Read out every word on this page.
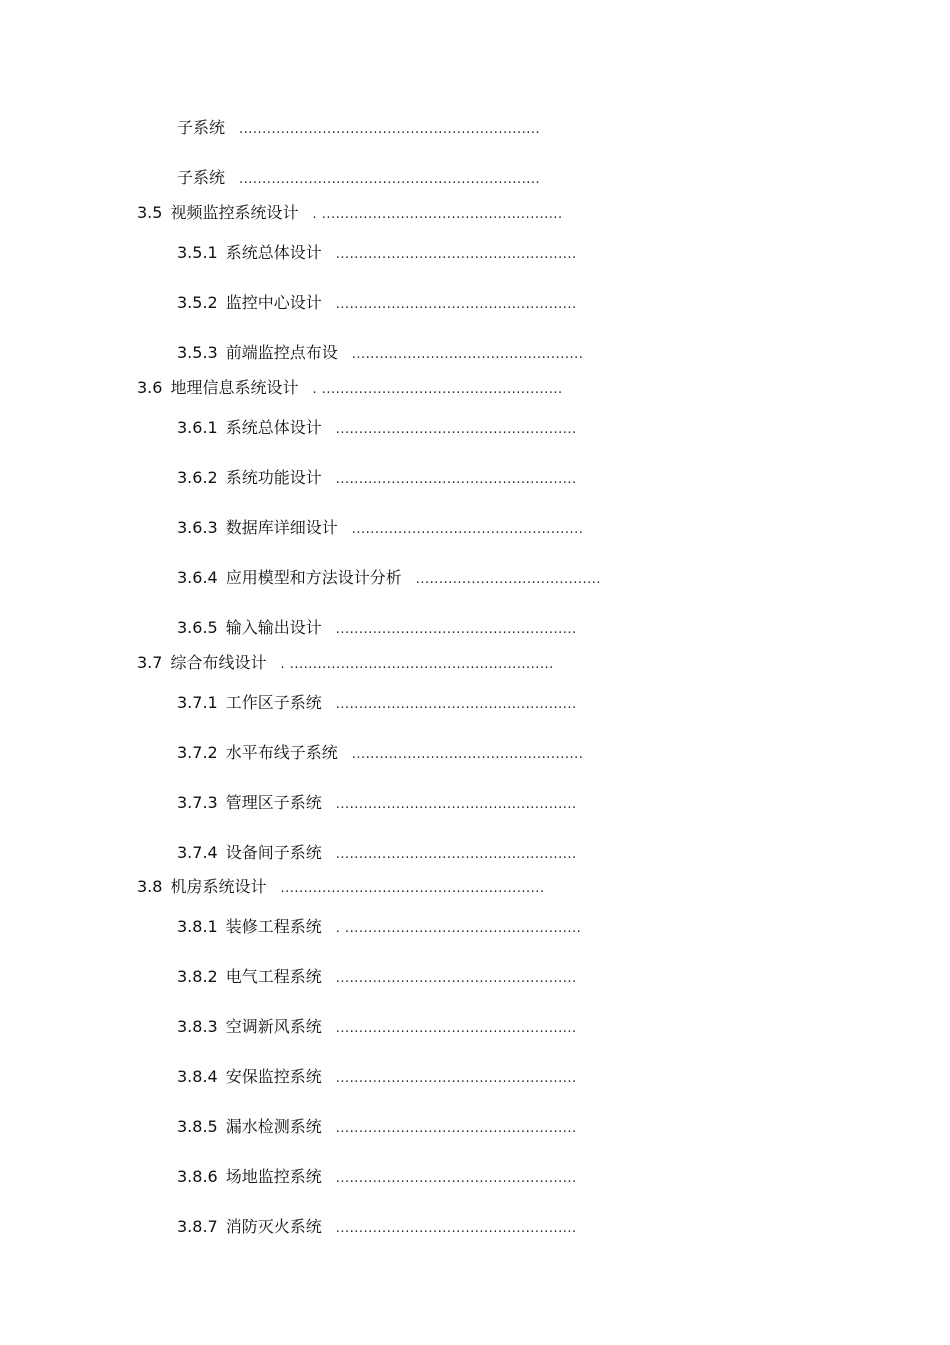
子系统 .................................................................
子系统 .................................................................
3.5 视频监控系统设计 . ....................................................
3.5.1 系统总体设计 ....................................................
3.5.2 监控中心设计 ....................................................
3.5.3 前端监控点布设 ..................................................
3.6 地理信息系统设计 . ....................................................
3.6.1 系统总体设计 ....................................................
3.6.2 系统功能设计 ....................................................
3.6.3 数据库详细设计 ..................................................
3.6.4 应用模型和方法设计分析 ........................................
3.6.5 输入输出设计 ....................................................
3.7 综合布线设计 . .........................................................
3.7.1 工作区子系统 ....................................................
3.7.2 水平布线子系统 ..................................................
3.7.3 管理区子系统 ....................................................
3.7.4 设备间子系统 ....................................................
3.8 机房系统设计 .........................................................
3.8.1 装修工程系统 . ...................................................
3.8.2 电气工程系统 ....................................................
3.8.3 空调新风系统 ....................................................
3.8.4 安保监控系统 ....................................................
3.8.5 漏水检测系统 ....................................................
3.8.6 场地监控系统 ....................................................
3.8.7 消防灭火系统 ....................................................
